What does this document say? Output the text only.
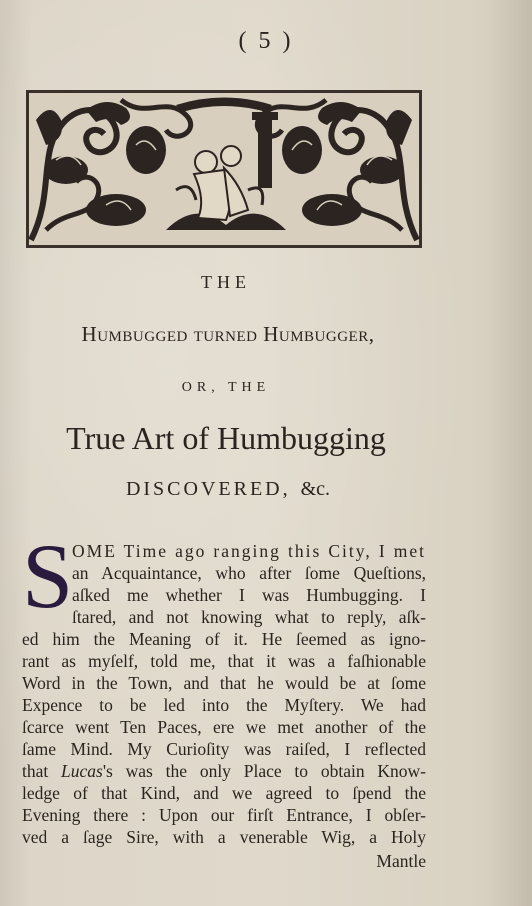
( 5 )
THE
Humbugged turned Humbugger,
OR, THE
True Art of Humbugging
DISCOVERED, &c.
S
OME Time ago ranging this City, I met
an Acquaintance, who after ſome Queſtions,
aſked me whether I was Humbugging. I
ſtared, and not knowing what to reply, aſk-
ed him the Meaning of it. He ſeemed as igno-
rant as myſelf, told me, that it was a faſhionable
Word in the Town, and that he would be at ſome
Expence to be led into the Myſtery. We had
ſcarce went Ten Paces, ere we met another of the
ſame Mind. My Curioſity was raiſed, I reflected
that Lucas's was the only Place to obtain Know-
ledge of that Kind, and we agreed to ſpend the
Evening there : Upon our firſt Entrance, I obſer-
ved a ſage Sire, with a venerable Wig, a Holy
Mantle
